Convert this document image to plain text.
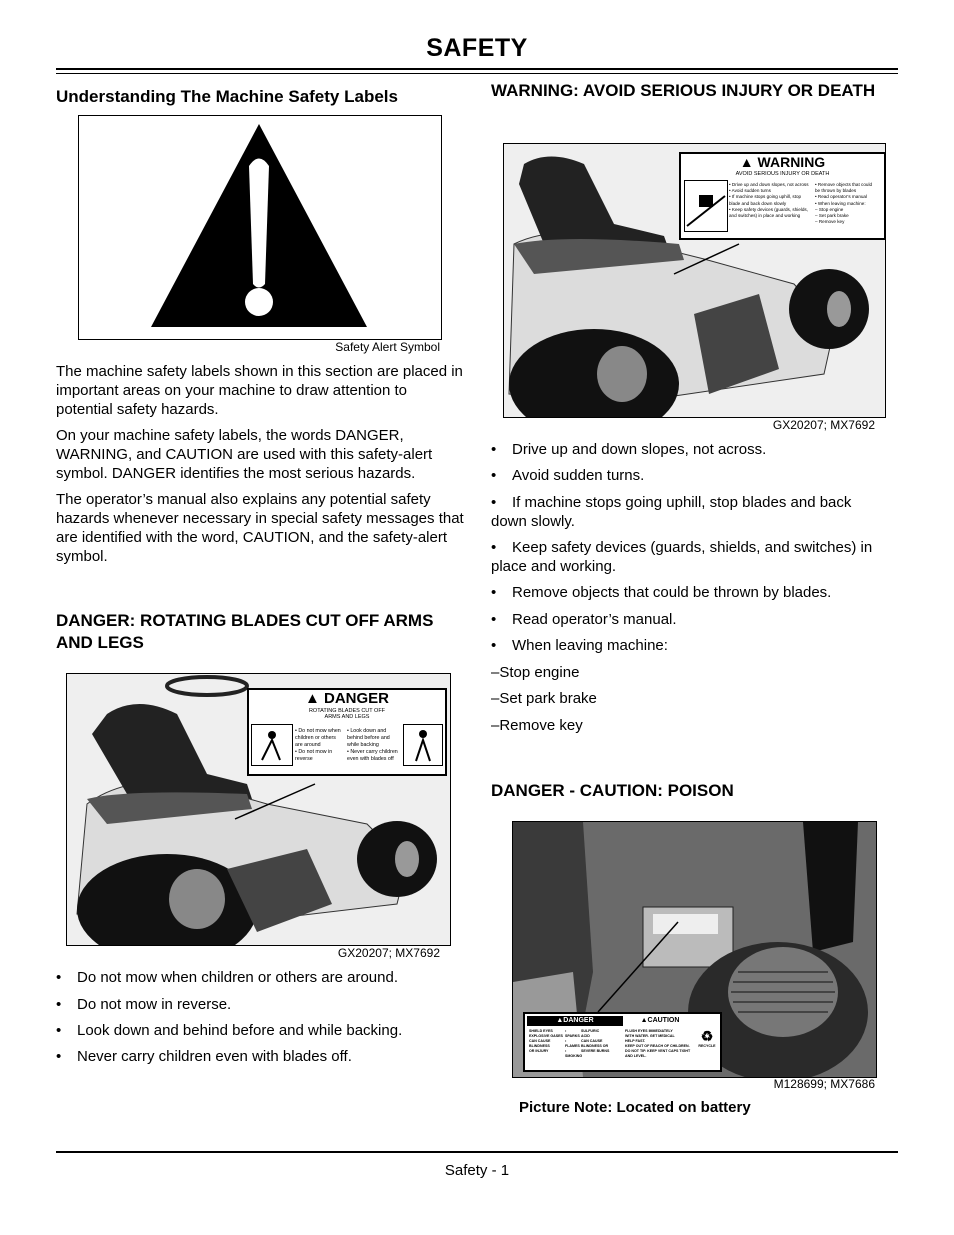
SAFETY
Understanding The Machine Safety Labels
Safety Alert Symbol

The machine safety labels shown in this section are placed in important areas on your machine to draw attention to potential safety hazards.

On your machine safety labels, the words DANGER, WARNING, and CAUTION are used with this safety-alert symbol. DANGER identifies the most serious hazards.

The operator’s manual also explains any potential safety hazards whenever necessary in special safety messages that are identified with the word, CAUTION, and the safety-alert symbol.

DANGER: ROTATING BLADES CUT OFF ARMS AND LEGS
▲ DANGER
ROTATING BLADES CUT OFF
ARMS AND LEGS
• Do not mow when
children or others
are around
• Do not mow in
reverse
• Look down and
behind before and
while backing
• Never carry children
even with blades off
GX20207; MX7692
• Do not mow when children or others are around.
• Do not mow in reverse.
• Look down and behind before and while backing.
• Never carry children even with blades off.
WARNING: AVOID SERIOUS INJURY OR DEATH
▲ WARNING
AVOID SERIOUS INJURY OR DEATH
• Drive up and down slopes, not across
• Avoid sudden turns
• If machine stops going uphill, stop
blade and back down slowly
• Keep safety devices (guards, shields,
and switches) in place and working
• Remove objects that could
be thrown by blades
• Read operator’s manual
• When leaving machine:
– Stop engine
– Set park brake
– Remove key
GX20207; MX7692
• Drive up and down slopes, not across.
• Avoid sudden turns.
• If machine stops going uphill, stop blades and back down slowly.
• Keep safety devices (guards, shields, and switches) in place and working.
• Remove objects that could be thrown by blades.
• Read operator’s manual.
• When leaving machine:
–Stop engine
–Set park brake
–Remove key
DANGER - CAUTION: POISON
▲DANGER	▲CAUTION
SHIELD EYES
EXPLOSIVE GASES
CAN CAUSE BLINDNESS
OR INJURY
• SPARKS
• FLAMES
• SMOKING
SULFURIC
ACID
CAN CAUSE
BLINDNESS OR
SEVERE BURNS
FLUSH EYES IMMEDIATELY
WITH WATER. GET MEDICAL
HELP FAST.
KEEP OUT OF REACH OF CHILDREN.
DO NOT TIP. KEEP VENT CAPS TIGHT AND LEVEL.
♻
RECYCLE
M128699; MX7686
Picture Note: Located on battery
Safety - 1
